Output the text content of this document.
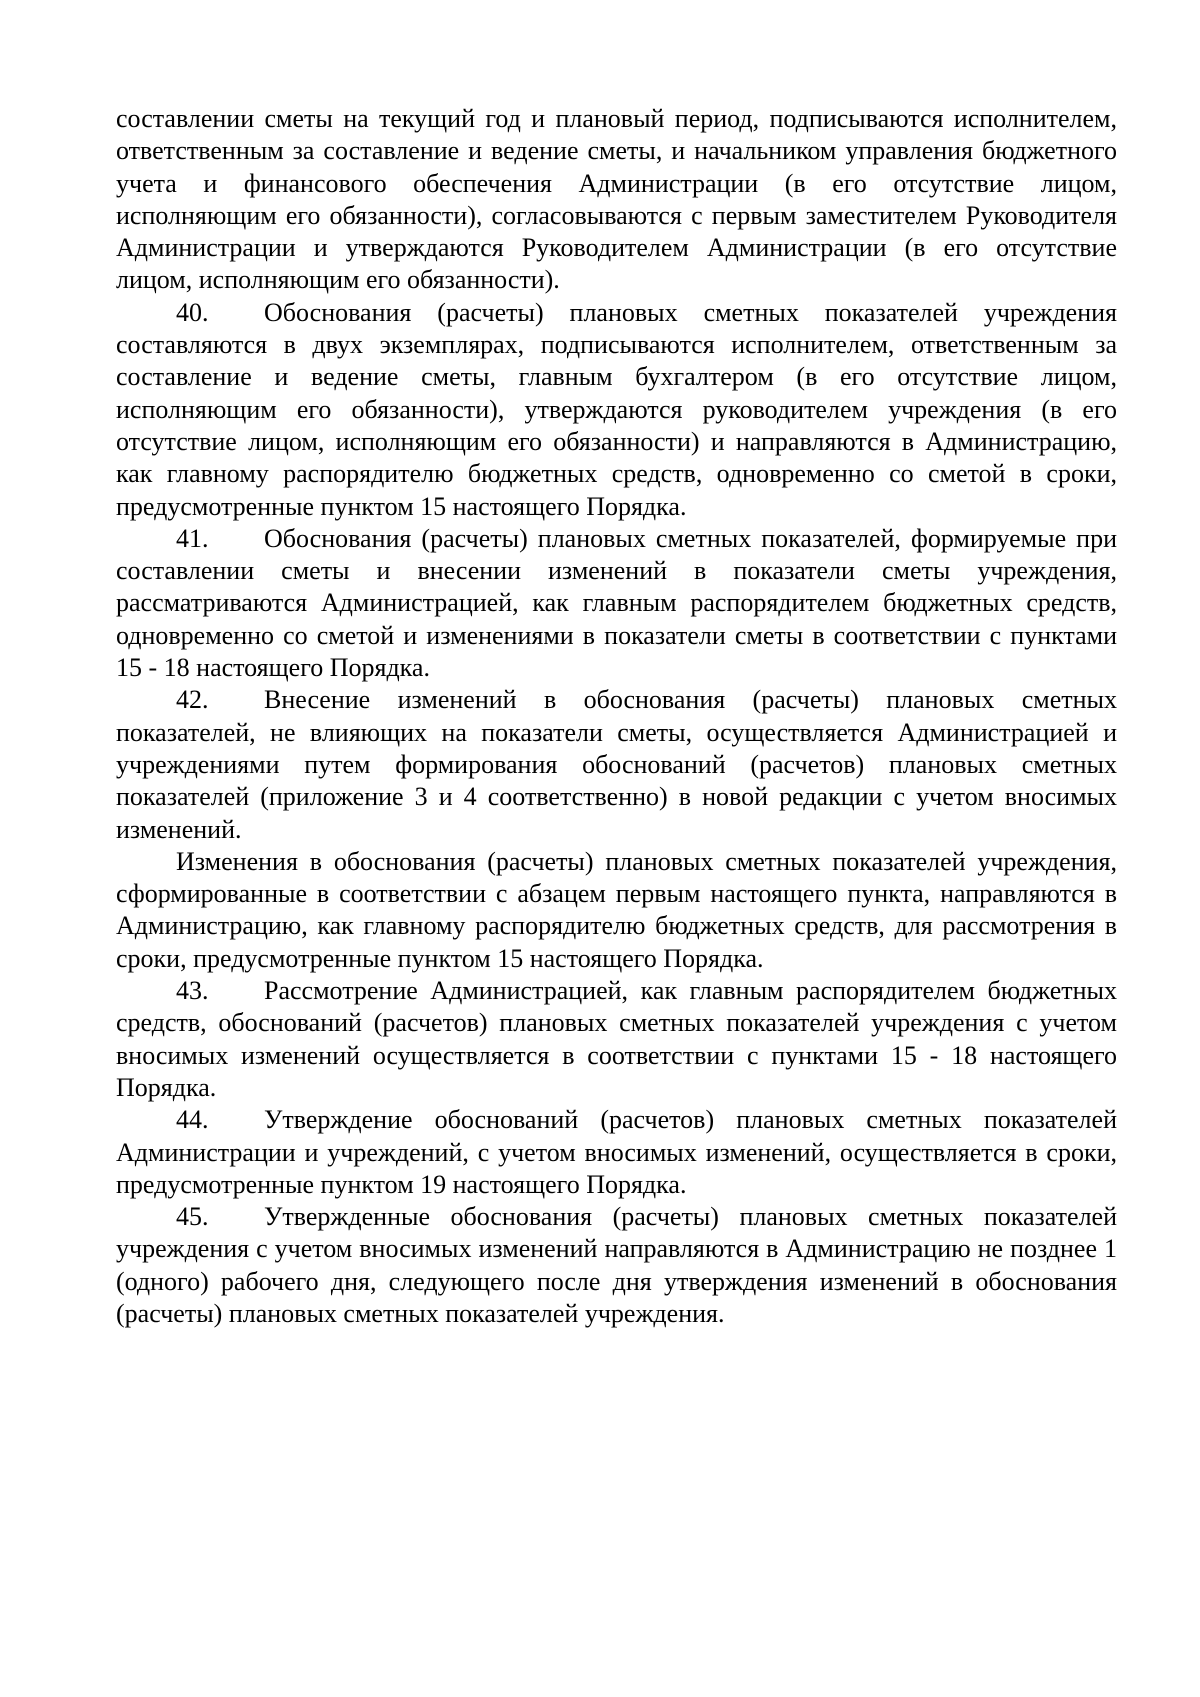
составлении сметы на текущий год и плановый период, подписываются исполнителем, ответственным за составление и ведение сметы, и начальником управления бюджетного учета и финансового обеспечения Администрации (в его отсутствие лицом, исполняющим его обязанности), согласовываются с первым заместителем Руководителя Администрации и утверждаются Руководителем Администрации (в его отсутствие лицом, исполняющим его обязанности).

40. Обоснования (расчеты) плановых сметных показателей учреждения составляются в двух экземплярах, подписываются исполнителем, ответственным за составление и ведение сметы, главным бухгалтером (в его отсутствие лицом, исполняющим его обязанности), утверждаются руководителем учреждения (в его отсутствие лицом, исполняющим его обязанности) и направляются в Администрацию, как главному распорядителю бюджетных средств, одновременно со сметой в сроки, предусмотренные пунктом 15 настоящего Порядка.

41. Обоснования (расчеты) плановых сметных показателей, формируемые при составлении сметы и внесении изменений в показатели сметы учреждения, рассматриваются Администрацией, как главным распорядителем бюджетных средств, одновременно со сметой и изменениями в показатели сметы в соответствии с пунктами 15 - 18 настоящего Порядка.

42. Внесение изменений в обоснования (расчеты) плановых сметных показателей, не влияющих на показатели сметы, осуществляется Администрацией и учреждениями путем формирования обоснований (расчетов) плановых сметных показателей (приложение 3 и 4 соответственно) в новой редакции с учетом вносимых изменений.

Изменения в обоснования (расчеты) плановых сметных показателей учреждения, сформированные в соответствии с абзацем первым настоящего пункта, направляются в Администрацию, как главному распорядителю бюджетных средств, для рассмотрения в сроки, предусмотренные пунктом 15 настоящего Порядка.

43. Рассмотрение Администрацией, как главным распорядителем бюджетных средств, обоснований (расчетов) плановых сметных показателей учреждения с учетом вносимых изменений осуществляется в соответствии с пунктами 15 - 18 настоящего Порядка.

44. Утверждение обоснований (расчетов) плановых сметных показателей Администрации и учреждений, с учетом вносимых изменений, осуществляется в сроки, предусмотренные пунктом 19 настоящего Порядка.

45. Утвержденные обоснования (расчеты) плановых сметных показателей учреждения с учетом вносимых изменений направляются в Администрацию не позднее 1 (одного) рабочего дня, следующего после дня утверждения изменений в обоснования (расчеты) плановых сметных показателей учреждения.
